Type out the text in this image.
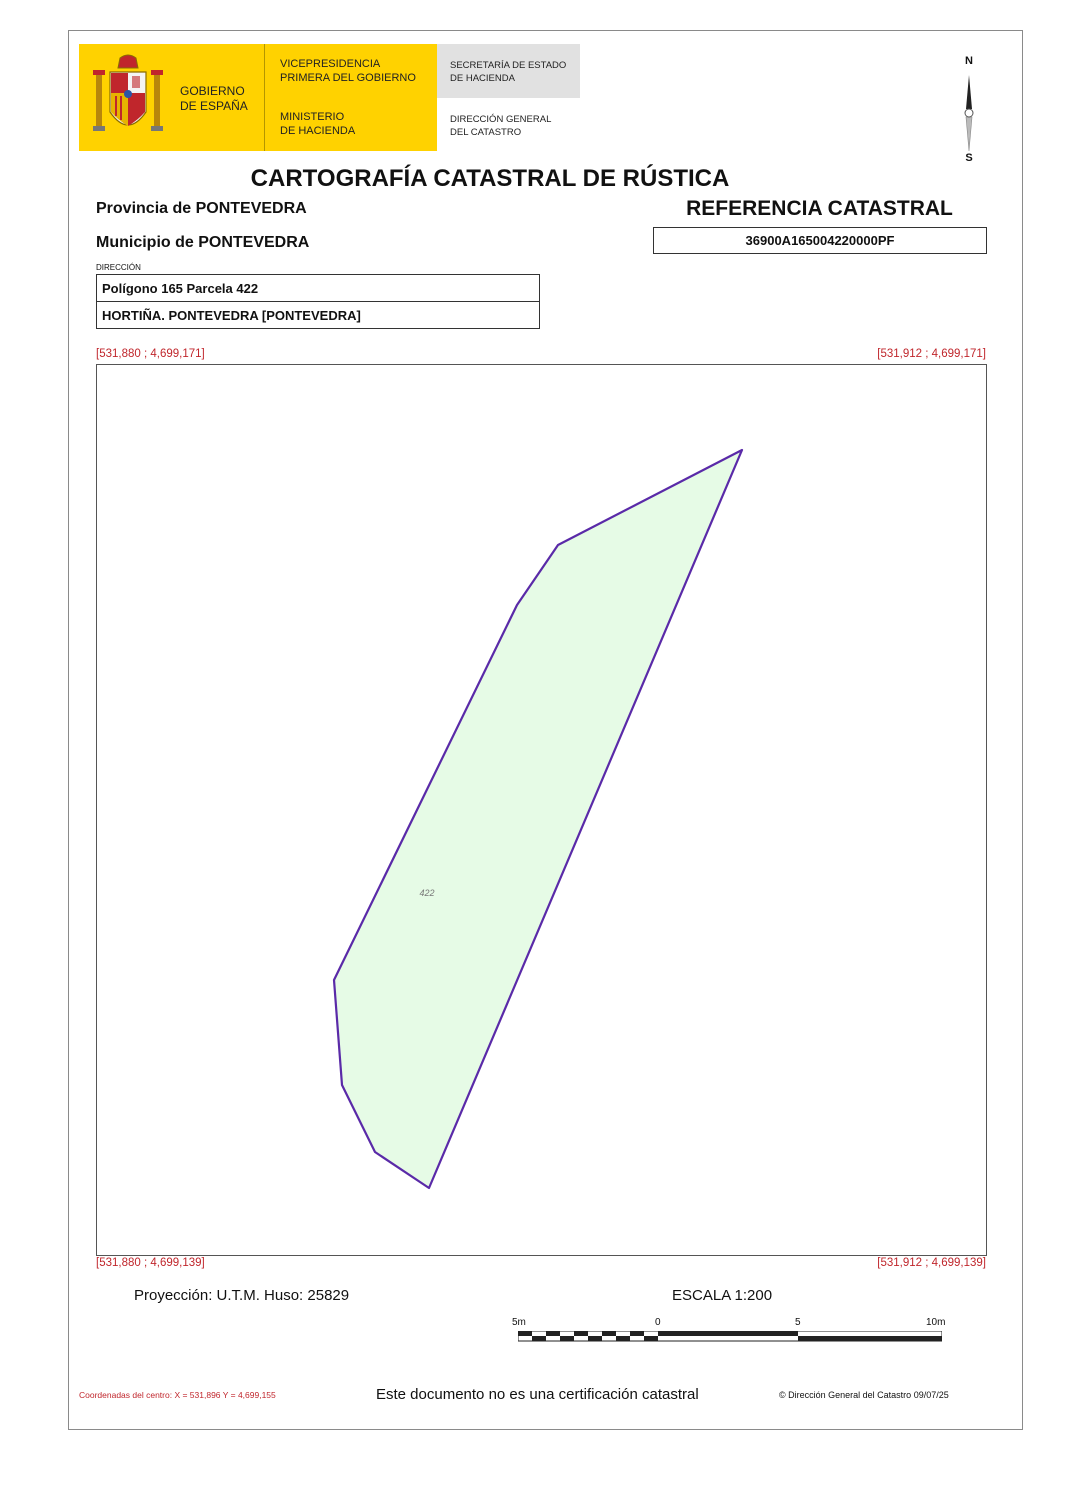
GOBIERNO
DE ESPAÑA
VICEPRESIDENCIA
PRIMERA DEL GOBIERNO
MINISTERIO
DE HACIENDA
SECRETARÍA DE ESTADO
DE HACIENDA
DIRECCIÓN GENERAL
DEL CATASTRO
N
S
CARTOGRAFÍA CATASTRAL DE RÚSTICA
Provincia de PONTEVEDRA
Municipio de PONTEVEDRA
REFERENCIA CATASTRAL
36900A165004220000PF
DIRECCIÓN
Polígono 165 Parcela 422
HORTIÑA. PONTEVEDRA [PONTEVEDRA]
[531,880 ; 4,699,171]	[531,912 ; 4,699,171]
[531,880 ; 4,699,139]	[531,912 ; 4,699,139]
422
Proyección: U.T.M. Huso: 25829	ESCALA 1:200
5m	0	5	10m
Coordenadas del centro: X = 531,896 Y = 4,699,155	Este documento no es una certificación catastral	© Dirección General del Catastro 09/07/25
